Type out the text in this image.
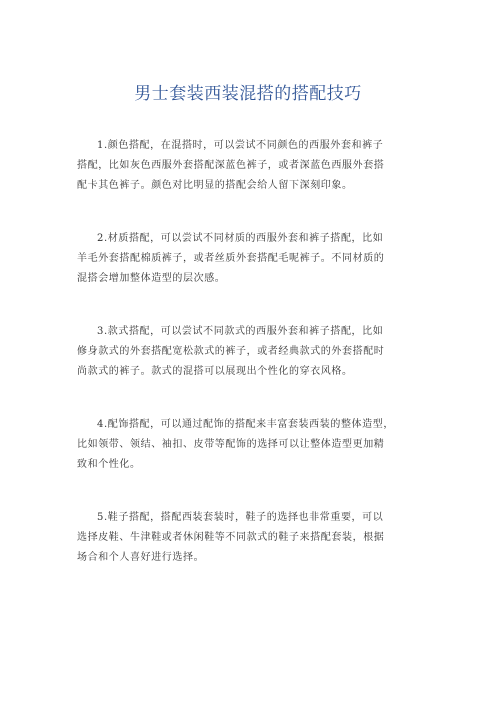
男士套装西装混搭的搭配技巧
1.颜色搭配，在混搭时，可以尝试不同颜色的西服外套和裤子
搭配，比如灰色西服外套搭配深蓝色裤子，或者深蓝色西服外套搭
配卡其色裤子。颜色对比明显的搭配会给人留下深刻印象。
2.材质搭配，可以尝试不同材质的西服外套和裤子搭配，比如
羊毛外套搭配棉质裤子，或者丝质外套搭配毛呢裤子。不同材质的
混搭会增加整体造型的层次感。
3.款式搭配，可以尝试不同款式的西服外套和裤子搭配，比如
修身款式的外套搭配宽松款式的裤子，或者经典款式的外套搭配时
尚款式的裤子。款式的混搭可以展现出个性化的穿衣风格。
4.配饰搭配，可以通过配饰的搭配来丰富套装西装的整体造型，
比如领带、领结、袖扣、皮带等配饰的选择可以让整体造型更加精
致和个性化。
5.鞋子搭配，搭配西装套装时，鞋子的选择也非常重要，可以
选择皮鞋、牛津鞋或者休闲鞋等不同款式的鞋子来搭配套装，根据
场合和个人喜好进行选择。
